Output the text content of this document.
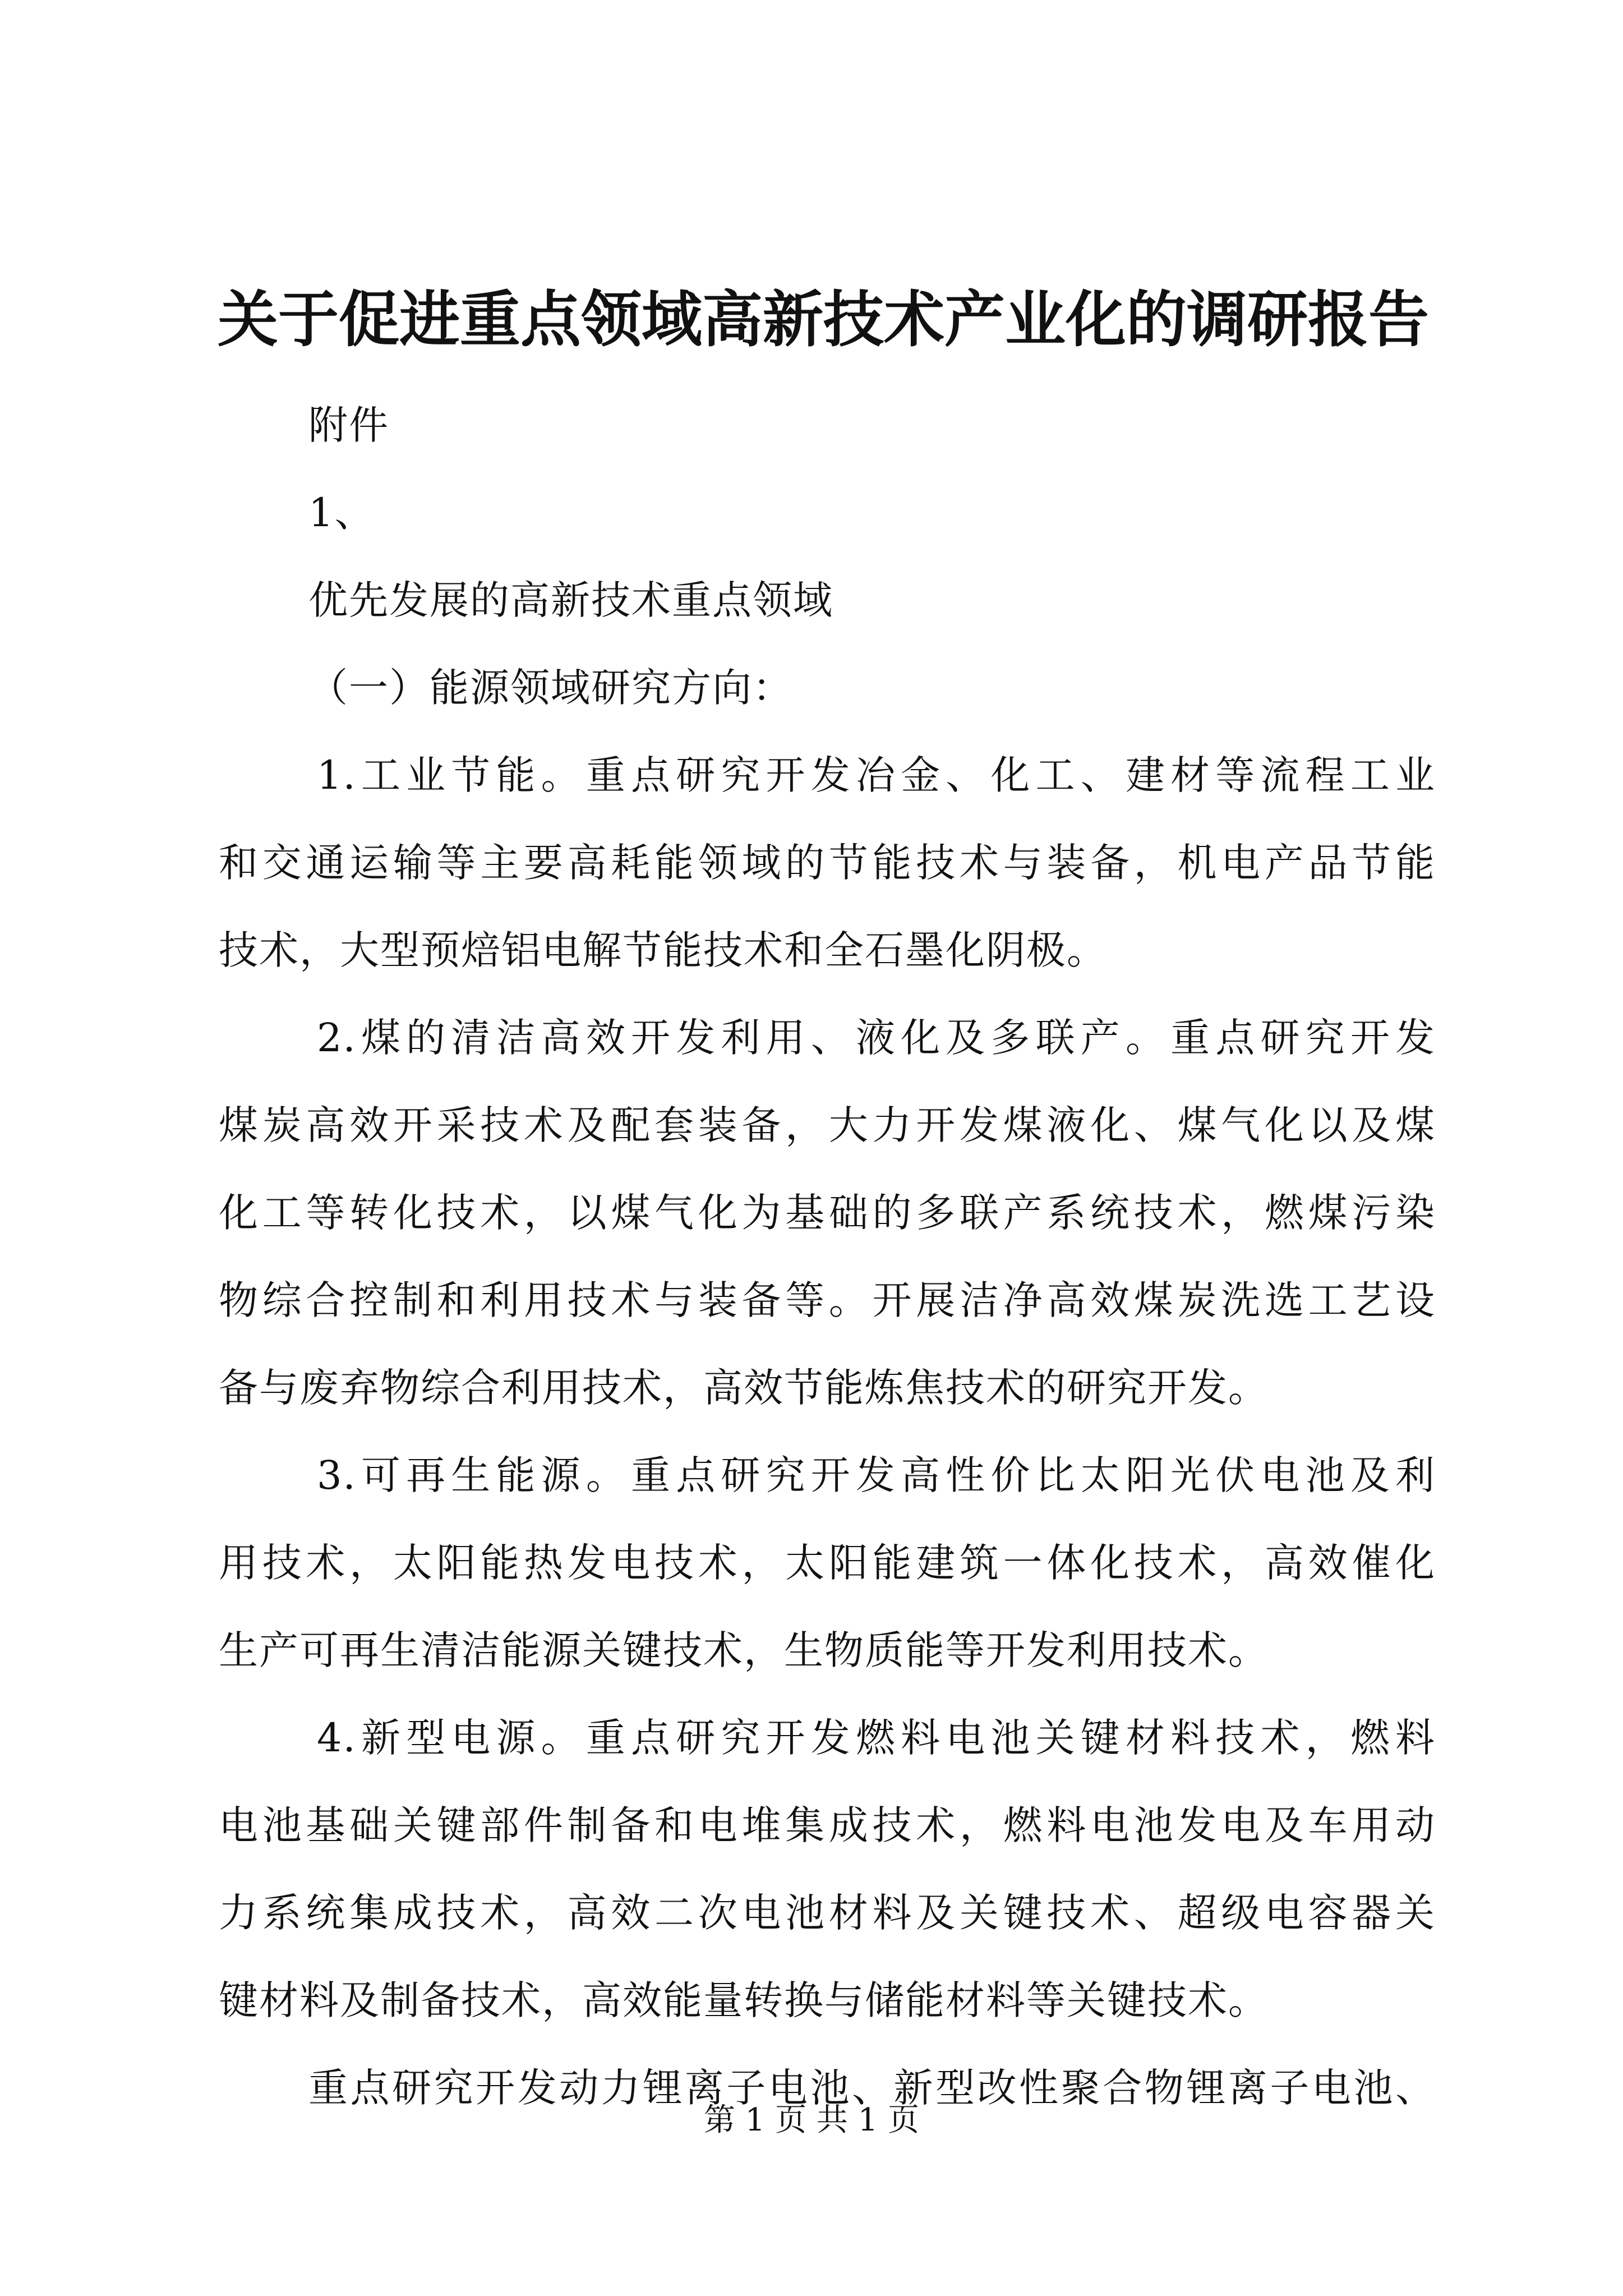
关于促进重点领域高新技术产业化的调研报告
附件
1、
优先发展的高新技术重点领域
（一）能源领域研究方向：
1.工业节能。重点研究开发冶金、化工、建材等流程工业
和交通运输等主要高耗能领域的节能技术与装备，机电产品节能
技术，大型预焙铝电解节能技术和全石墨化阴极。
2.煤的清洁高效开发利用、液化及多联产。重点研究开发
煤炭高效开采技术及配套装备，大力开发煤液化、煤气化以及煤
化工等转化技术，以煤气化为基础的多联产系统技术，燃煤污染
物综合控制和利用技术与装备等。开展洁净高效煤炭洗选工艺设
备与废弃物综合利用技术，高效节能炼焦技术的研究开发。
3.可再生能源。重点研究开发高性价比太阳光伏电池及利
用技术，太阳能热发电技术，太阳能建筑一体化技术，高效催化
生产可再生清洁能源关键技术，生物质能等开发利用技术。
4.新型电源。重点研究开发燃料电池关键材料技术，燃料
电池基础关键部件制备和电堆集成技术，燃料电池发电及车用动
力系统集成技术，高效二次电池材料及关键技术、超级电容器关
键材料及制备技术，高效能量转换与储能材料等关键技术。
重点研究开发动力锂离子电池、新型改性聚合物锂离子电池、
第 1 页 共 1 页
